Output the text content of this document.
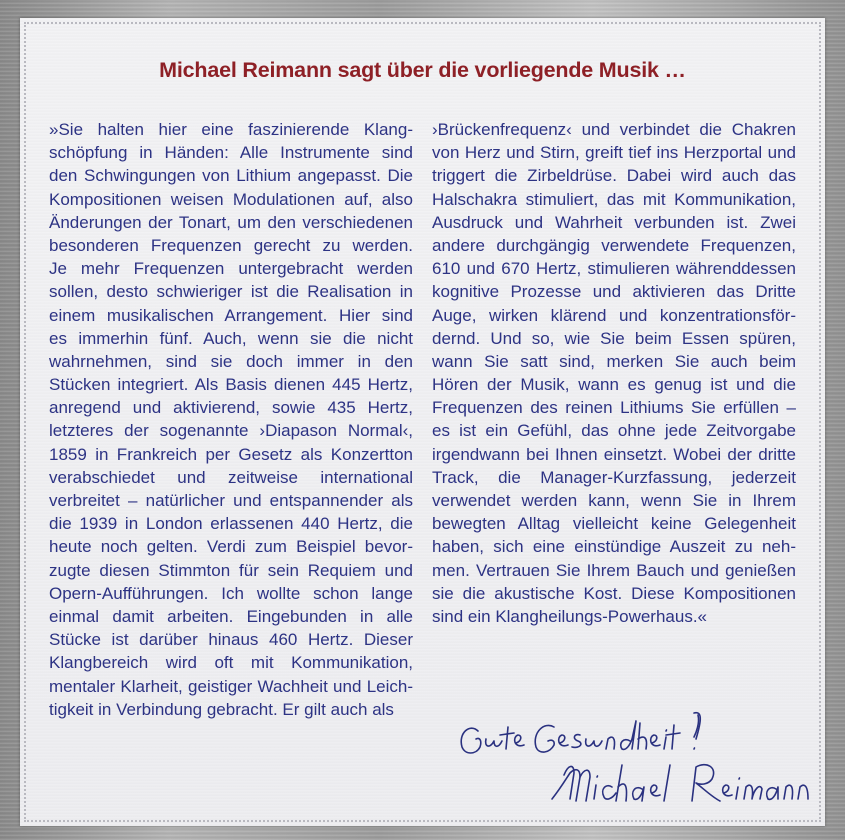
Michael Reimann sagt über die vorliegende Musik …
»Sie halten hier eine faszinierende Klang-
schöpfung in Händen: Alle Instrumente sind
den Schwingungen von Lithium angepasst. Die
Kompositionen weisen Modulationen auf, also
Änderungen der Tonart, um den verschiedenen
besonderen Frequenzen gerecht zu werden.
Je mehr Frequenzen untergebracht werden
sollen, desto schwieriger ist die Realisation in
einem musikalischen Arrangement. Hier sind
es immerhin fünf. Auch, wenn sie die nicht
wahrnehmen, sind sie doch immer in den
Stücken integriert. Als Basis dienen 445 Hertz,
anregend und aktivierend, sowie 435 Hertz,
letzteres der sogenannte ›Diapason Normal‹,
1859 in Frankreich per Gesetz als Konzertton
verabschiedet und zeitweise international
verbreitet – natürlicher und entspannender als
die 1939 in London erlassenen 440 Hertz, die
heute noch gelten. Verdi zum Beispiel bevor-
zugte diesen Stimmton für sein Requiem und
Opern-Aufführungen. Ich wollte schon lange
einmal damit arbeiten. Eingebunden in alle
Stücke ist darüber hinaus 460 Hertz. Dieser
Klangbereich wird oft mit Kommunikation,
mentaler Klarheit, geistiger Wachheit und Leich-
tigkeit in Verbindung gebracht. Er gilt auch als
›Brückenfrequenz‹ und verbindet die Chakren
von Herz und Stirn, greift tief ins Herzportal und
triggert die Zirbeldrüse. Dabei wird auch das
Halschakra stimuliert, das mit Kommunikation,
Ausdruck und Wahrheit verbunden ist. Zwei
andere durchgängig verwendete Frequenzen,
610 und 670 Hertz, stimulieren währenddessen
kognitive Prozesse und aktivieren das Dritte
Auge, wirken klärend und konzentrationsför-
dernd. Und so, wie Sie beim Essen spüren,
wann Sie satt sind, merken Sie auch beim
Hören der Musik, wann es genug ist und die
Frequenzen des reinen Lithiums Sie erfüllen –
es ist ein Gefühl, das ohne jede Zeitvorgabe
irgendwann bei Ihnen einsetzt. Wobei der dritte
Track, die Manager-Kurzfassung, jederzeit
verwendet werden kann, wenn Sie in Ihrem
bewegten Alltag vielleicht keine Gelegenheit
haben, sich eine einstündige Auszeit zu neh-
men. Vertrauen Sie Ihrem Bauch und genießen
sie die akustische Kost. Diese Kompositionen
sind ein Klangheilungs-Powerhaus.«
